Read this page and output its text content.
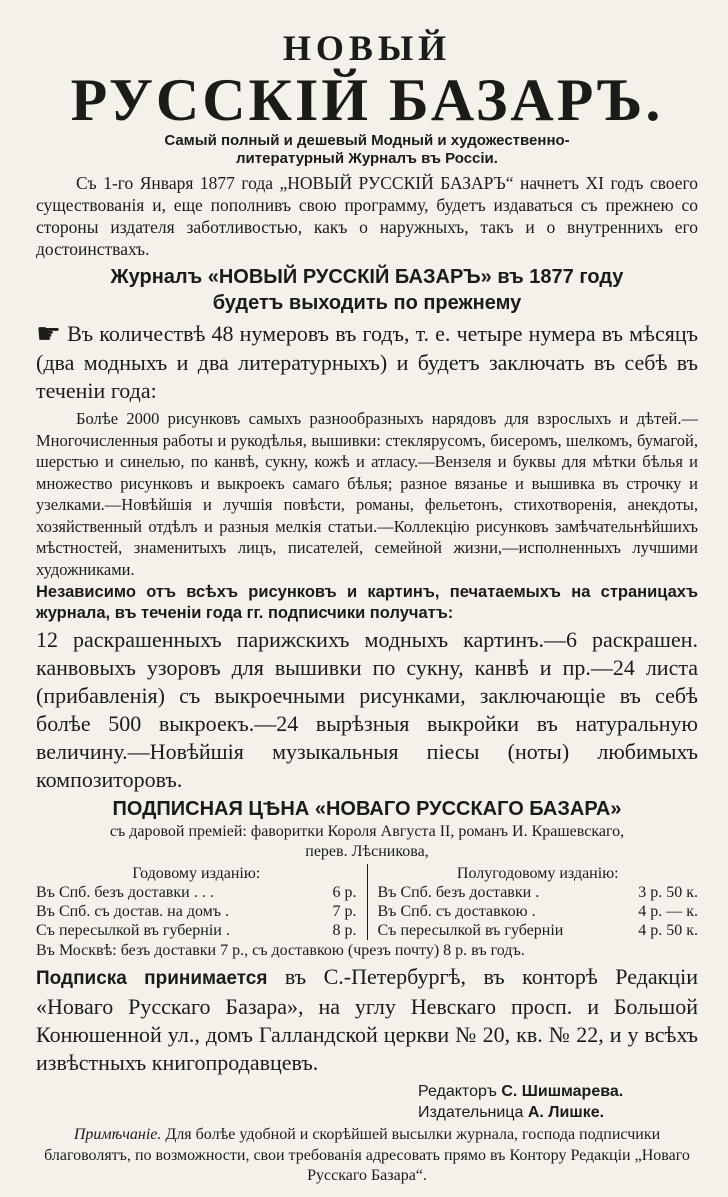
НОВЫЙ
РУССКІЙ БАЗАРЪ.
Самый полный и дешевый Модный и художественно-
литературный Журналъ въ Россіи.
Съ 1-го Января 1877 года „НОВЫЙ РУССКІЙ БАЗАРЪ“ начнетъ XI годъ своего существованія и, еще пополнивъ свою программу, будетъ издаваться съ прежнею со стороны издателя заботливостью, какъ о наружныхъ, такъ и о внутреннихъ его достоинствахъ.
Журналъ «НОВЫЙ РУССКІЙ БАЗАРЪ» въ 1877 году
будетъ выходить по прежнему
☛ Въ количествѣ 48 нумеровъ въ годъ, т. е. четыре нумера въ мѣсяцъ (два модныхъ и два литературныхъ) и будетъ заключать въ себѣ въ теченіи года:
Болѣе 2000 рисунковъ самыхъ разнообразныхъ нарядовъ для взрослыхъ и дѣтей.—Многочисленныя работы и рукодѣлья, вышивки: стеклярусомъ, бисеромъ, шелкомъ, бумагой, шерстью и синелью, по канвѣ, сукну, кожѣ и атласу.—Вензеля и буквы для мѣтки бѣлья и множество рисунковъ и выкроекъ самаго бѣлья; разное вязанье и вышивка въ строчку и узелками.—Новѣйшія и лучшія повѣсти, романы, фельетонъ, стихотворенія, анекдоты, хозяйственный отдѣлъ и разныя мелкія статьи.—Коллекцію рисунковъ замѣчательнѣйшихъ мѣстностей, знаменитыхъ лицъ, писателей, семейной жизни,—исполненныхъ лучшими художниками.
Независимо отъ всѣхъ рисунковъ и картинъ, печатаемыхъ на страницахъ журнала, въ теченіи года гг. подписчики получатъ:
12 раскрашенныхъ парижскихъ модныхъ картинъ.—6 раскрашен. канвовыхъ узоровъ для вышивки по сукну, канвѣ и пр.—24 листа (прибавленія) съ выкроечными рисунками, заключающіе въ себѣ болѣе 500 выкроекъ.—24 вырѣзныя выкройки въ натуральную величину.—Новѣйшія музыкальныя пiесы (ноты) любимыхъ композиторовъ.
ПОДПИСНАЯ ЦѢНА «НОВАГО РУССКАГО БАЗАРА»
съ даровой преміей: фаворитки Короля Августа II, романъ И. Крашевскаго,
перев. Лѣсникова,
Годовому изданію:
Въ Спб. безъ доставки . . .	6 р.
Въ Спб. съ достав. на домъ .	7 р.
Съ пересылкой въ губерніи .	8 р.
Полугодовому изданію:
Въ Спб. безъ доставки .	3 р. 50 к.
Въ Спб. съ доставкою .	4 р. — к.
Съ пересылкой въ губерніи	4 р. 50 к.
Въ Москвѣ: безъ доставки 7 р., съ доставкою (чрезъ почту) 8 р. въ годъ.
Подписка принимается въ С.-Петербургѣ, въ конторѣ Редакціи «Новаго Русскаго Базара», на углу Невскаго просп. и Большой Конюшенной ул., домъ Галландской церкви № 20, кв. № 22, и у всѣхъ извѣстныхъ книгопродавцевъ.
Редакторъ С. Шишмарева.
Издательница А. Лишке.
Примѣчаніе. Для болѣе удобной и скорѣйшей высылки журнала, господа подписчики благоволятъ, по возможности, свои требованія адресовать прямо въ Контору Редакціи „Новаго Русскаго Базара“.
